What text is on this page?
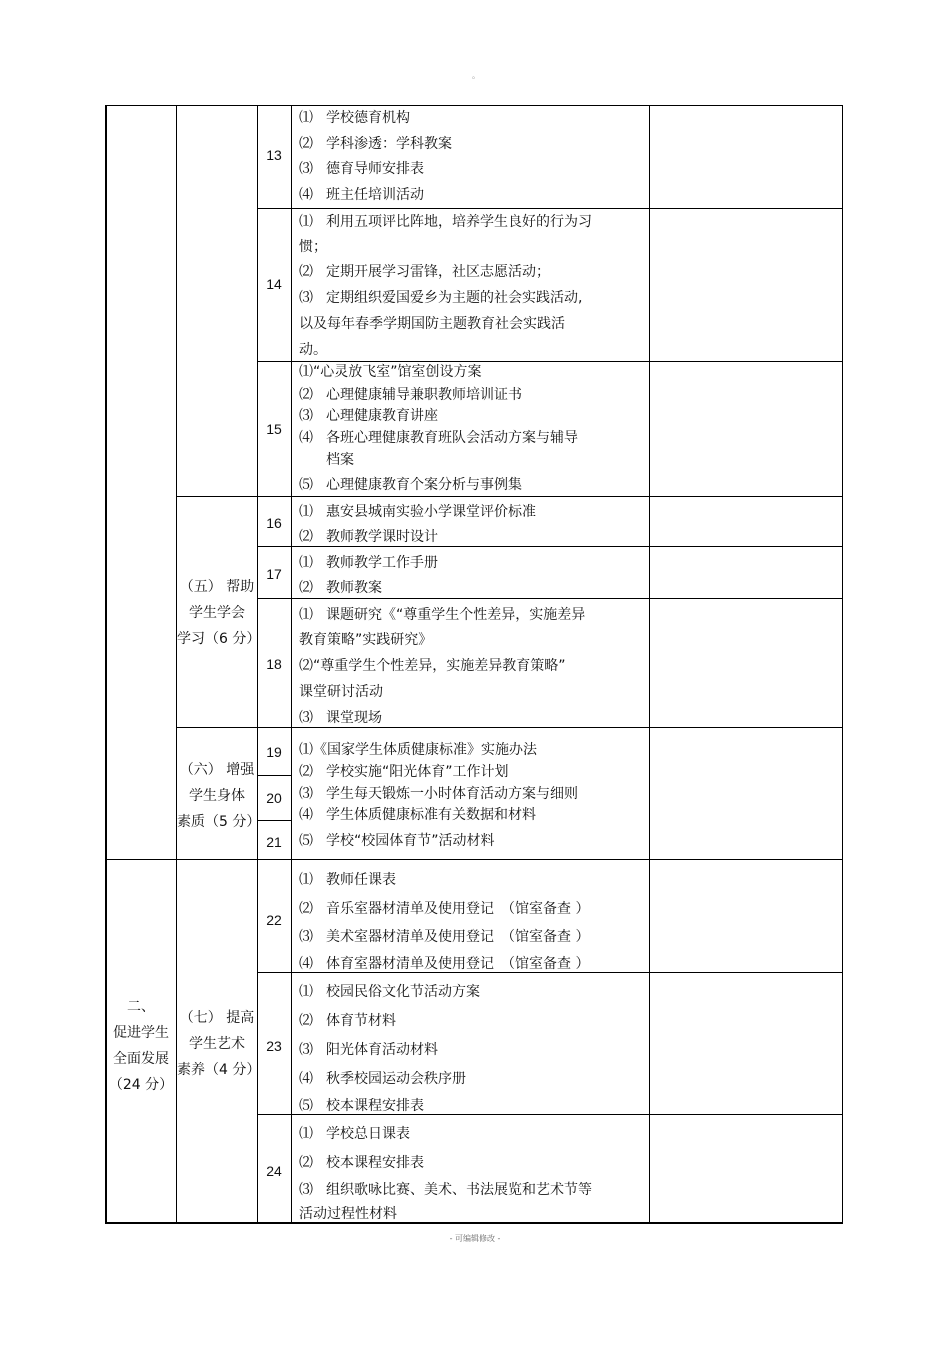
。
二、
促进学生
全面发展
（24 分）
（五） 帮助
学生学会
学习（6 分）
（六） 增强
学生身体
素质（5 分）
（七） 提高
学生艺术
素养（4 分）
13
14
15
16
17
18
19
20
21
22
23
24
⑴ 学校德育机构
⑵ 学科渗透：学科教案
⑶ 德育导师安排表
⑷ 班主任培训活动
⑴ 利用五项评比阵地，培养学生良好的行为习
惯；
⑵ 定期开展学习雷锋，社区志愿活动；
⑶ 定期组织爱国爱乡为主题的社会实践活动,
以及每年春季学期国防主题教育社会实践活
动。
⑴“心灵放飞室”馆室创设方案
⑵ 心理健康辅导兼职教师培训证书
⑶ 心理健康教育讲座
⑷ 各班心理健康教育班队会活动方案与辅导
档案
⑸ 心理健康教育个案分析与事例集
⑴ 惠安县城南实验小学课堂评价标准
⑵ 教师教学课时设计
⑴ 教师教学工作手册
⑵ 教师教案
⑴ 课题研究《“尊重学生个性差异，实施差异
教育策略”实践研究》
⑵“尊重学生个性差异，实施差异教育策略”
课堂研讨活动
⑶ 课堂现场
⑴《国家学生体质健康标准》实施办法
⑵ 学校实施“阳光体育”工作计划
⑶ 学生每天锻炼一小时体育活动方案与细则
⑷ 学生体质健康标准有关数据和材料
⑸ 学校“校园体育节”活动材料
⑴ 教师任课表
⑵ 音乐室器材清单及使用登记　（馆室备查 ）
⑶ 美术室器材清单及使用登记　（馆室备查 ）
⑷ 体育室器材清单及使用登记　（馆室备查 ）
⑴ 校园民俗文化节活动方案
⑵ 体育节材料
⑶ 阳光体育活动材料
⑷ 秋季校园运动会秩序册
⑸ 校本课程安排表
⑴ 学校总日课表
⑵ 校本课程安排表
⑶ 组织歌咏比赛、美术、书法展览和艺术节等
活动过程性材料
- 可编辑修改 -
